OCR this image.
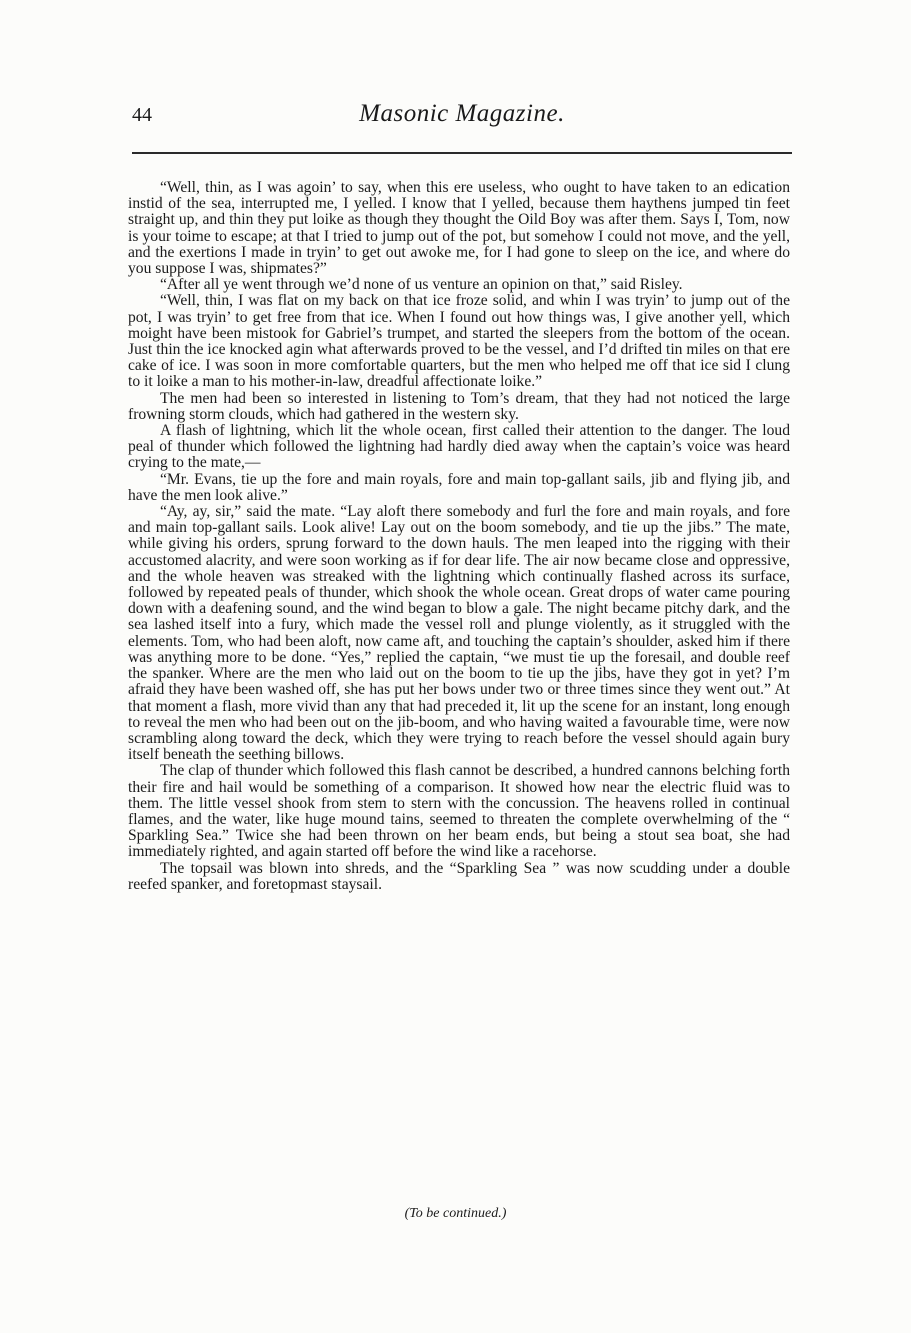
44	Masonic Magazine.

“Well, thin, as I was agoin’ to say, when this ere useless, who ought to have taken to an edication instid of the sea, interrupted me, I yelled. I know that I yelled, because them haythens jumped tin feet straight up, and thin they put loike as though they thought the Oild Boy was after them. Says I, Tom, now is your toime to escape; at that I tried to jump out of the pot, but somehow I could not move, and the yell, and the exertions I made in tryin’ to get out awoke me, for I had gone to sleep on the ice, and where do you suppose I was, shipmates?”

“After all ye went through we’d none of us venture an opinion on that,” said Risley.

“Well, thin, I was flat on my back on that ice froze solid, and whin I was tryin’ to jump out of the pot, I was tryin’ to get free from that ice. When I found out how things was, I give another yell, which moight have been mistook for Gabriel’s trumpet, and started the sleepers from the bottom of the ocean. Just thin the ice knocked agin what afterwards proved to be the vessel, and I’d drifted tin miles on that ere cake of ice. I was soon in more comfortable quarters, but the men who helped me off that ice sid I clung to it loike a man to his mother-in-law, dreadful affectionate loike.”

The men had been so interested in listening to Tom’s dream, that they had not noticed the large frowning storm clouds, which had gathered in the western sky.

A flash of lightning, which lit the whole ocean, first called their attention to the danger. The loud peal of thunder which followed the lightning had hardly died away when the captain’s voice was heard crying to the mate,—

“Mr. Evans, tie up the fore and main royals, fore and main top-gallant sails, jib and flying jib, and have the men look alive.”

“Ay, ay, sir,” said the mate. “Lay aloft there somebody and furl the fore and main royals, and fore and main top-gallant sails. Look alive! Lay out on the boom somebody, and tie up the jibs.” The mate, while giving his orders, sprung forward to the down hauls. The men leaped into the rigging with their accustomed alacrity, and were soon working as if for dear life. The air now became close and oppressive, and the whole heaven was streaked with the lightning which continually flashed across its surface, followed by repeated peals of thunder, which shook the whole ocean. Great drops of water came pouring down with a deafening sound, and the wind began to blow a gale. The night became pitchy dark, and the sea lashed itself into a fury, which made the vessel roll and plunge violently, as it struggled with the elements. Tom, who had been aloft, now came aft, and touching the captain’s shoulder, asked him if there was anything more to be done. “Yes,” replied the captain, “we must tie up the foresail, and double reef the spanker. Where are the men who laid out on the boom to tie up the jibs, have they got in yet? I’m afraid they have been washed off, she has put her bows under two or three times since they went out.” At that moment a flash, more vivid than any that had preceded it, lit up the scene for an instant, long enough to reveal the men who had been out on the jib-boom, and who having waited a favourable time, were now scrambling along toward the deck, which they were trying to reach before the vessel should again bury itself beneath the seething billows.

The clap of thunder which followed this flash cannot be described, a hundred cannons belching forth their fire and hail would be something of a comparison. It showed how near the electric fluid was to them. The little vessel shook from stem to stern with the concussion. The heavens rolled in continual flames, and the water, like huge mound tains, seemed to threaten the complete overwhelming of the “ Sparkling Sea.” Twice she had been thrown on her beam ends, but being a stout sea boat, she had immediately righted, and again started off before the wind like a racehorse.

The topsail was blown into shreds, and the “Sparkling Sea ” was now scudding under a double reefed spanker, and foretopmast staysail.

(To be continued.)
